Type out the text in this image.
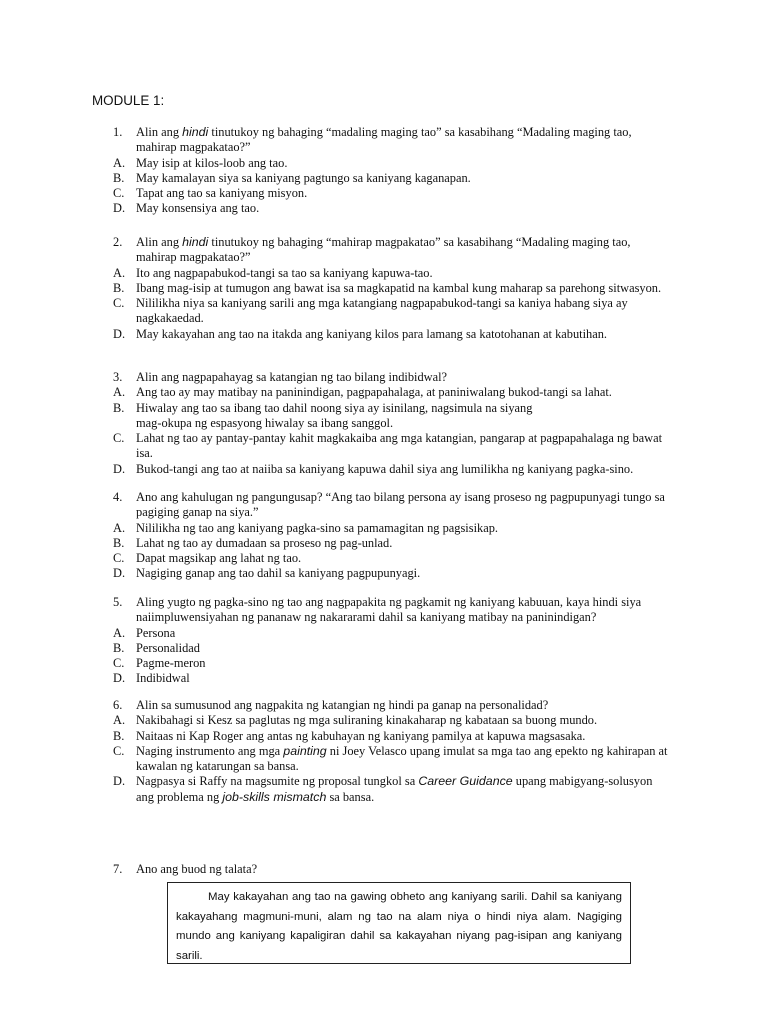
MODULE 1:
1. Alin ang hindi tinutukoy ng bahaging “madaling maging tao” sa kasabihang “Madaling maging tao, mahirap magpakatao?”
A. May isip at kilos-loob ang tao.
B. May kamalayan siya sa kaniyang pagtungo sa kaniyang kaganapan.
C. Tapat ang tao sa kaniyang misyon.
D. May konsensiya ang tao.
2. Alin ang hindi tinutukoy ng bahaging “mahirap magpakatao” sa kasabihang “Madaling maging tao, mahirap magpakatao?”
A. Ito ang nagpapabukod-tangi sa tao sa kaniyang kapuwa-tao.
B. Ibang mag-isip at tumugon ang bawat isa sa magkapatid na kambal kung maharap sa parehong sitwasyon.
C. Nililikha niya sa kaniyang sarili ang mga katangiang nagpapabukod-tangi sa kaniya habang siya ay nagkakaedad.
D. May kakayahan ang tao na itakda ang kaniyang kilos para lamang sa katotohanan at kabutihan.
3. Alin ang nagpapahayag sa katangian ng tao bilang indibidwal?
A. Ang tao ay may matibay na paninindigan, pagpapahalaga, at paniniwalang bukod-tangi sa lahat.
B. Hiwalay ang tao sa ibang tao dahil noong siya ay isinilang, nagsimula na siyang
mag-okupa ng espasyong hiwalay sa ibang sanggol.
C. Lahat ng tao ay pantay-pantay kahit magkakaiba ang mga katangian, pangarap at pagpapahalaga ng bawat isa.
D. Bukod-tangi ang tao at naiiba sa kaniyang kapuwa dahil siya ang lumilikha ng kaniyang pagka-sino.
4. Ano ang kahulugan ng pangungusap? “Ang tao bilang persona ay isang proseso ng pagpupunyagi tungo sa pagiging ganap na siya.”
A. Nililikha ng tao ang kaniyang pagka-sino sa pamamagitan ng pagsisikap.
B. Lahat ng tao ay dumadaan sa proseso ng pag-unlad.
C. Dapat magsikap ang lahat ng tao.
D. Nagiging ganap ang tao dahil sa kaniyang pagpupunyagi.
5. Aling yugto ng pagka-sino ng tao ang nagpapakita ng pagkamit ng kaniyang kabuuan, kaya hindi siya naiimpluwensiyahan ng pananaw ng nakararami dahil sa kaniyang matibay na paninindigan?
A. Persona
B. Personalidad
C. Pagme-meron
D. Indibidwal
6. Alin sa sumusunod ang nagpakita ng katangian ng hindi pa ganap na personalidad?
A. Nakibahagi si Kesz sa paglutas ng mga suliraning kinakaharap ng kabataan sa buong mundo.
B. Naitaas ni Kap Roger ang antas ng kabuhayan ng kaniyang pamilya at kapuwa magsasaka.
C. Naging instrumento ang mga painting ni Joey Velasco upang imulat sa mga tao ang epekto ng kahirapan at kawalan ng katarungan sa bansa.
D. Nagpasya si Raffy na magsumite ng proposal tungkol sa Career Guidance upang mabigyang-solusyon ang problema ng job-skills mismatch sa bansa.
7. Ano ang buod ng talata?

May kakayahan ang tao na gawing obheto ang kaniyang sarili. Dahil sa kaniyang kakayahang magmuni-muni, alam ng tao na alam niya o hindi niya alam. Nagiging mundo ang kaniyang kapaligiran dahil sa kakayahan niyang pag-isipan ang kaniyang sarili.
